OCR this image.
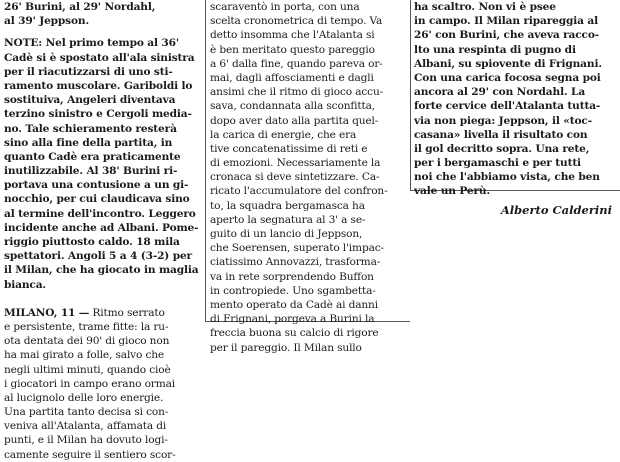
26' Burini, al 29' Nordahl,
al 39' Jeppson.
NOTE: Nel primo tempo al 36'
Cadè si è spostato all'ala sinistra
per il riacutizzarsi di uno sti-
ramento muscolare. Gariboldi lo
sostituiva, Angeleri diventava
terzino sinistro e Cergoli media-
no. Tale schieramento resterà
sino alla fine della partita, in
quanto Cadè era praticamente
inutilizzabile. Al 38' Burini ri-
portava una contusione a un gi-
nocchio, per cui claudicava sino
al termine dell'incontro. Leggero
incidente anche ad Albani. Pome-
riggio piuttosto caldo. 18 mila
spettatori. Angoli 5 a 4 (3-2) per
il Milan, che ha giocato in maglia
bianca.
MILANO, 11 — Ritmo serrato
e persistente, trame fitte: la ru-
ota dentata dei 90' di gioco non
ha mai girato a folle, salvo che
negli ultimi minuti, quando cioè
i giocatori in campo erano ormai
al lucignolo delle loro energie.
Una partita tanto decisa si con-
veniva all'Atalanta, affamata di
punti, e il Milan ha dovuto logi-
camente seguire il sentiero scor-
scaraventò in porta, con una
scelta cronometrica di tempo. Va
detto insomma che l'Atalanta si
è ben meritato questo pareggio
a 6' dalla fine, quando pareva or-
mai, dagli affosciamenti e dagli
ansimi che il ritmo di gioco accu-
sava, condannata alla sconfitta,
dopo aver dato alla partita quel-
la carica di energie, che era
tive concatenatissime di reti e
di emozioni. Necessariamente la
cronaca si deve sintetizzare. Ca-
ricato l'accumulatore del confron-
to, la squadra bergamasca ha
aperto la segnatura al 3' a se-
guito di un lancio di Jeppson,
che Soerensen, superato l'impac-
ciatissimo Annovazzi, trasforma-
va in rete sorprendendo Buffon
in contropiede. Uno sgambetta-
mento operato da Cadè ai danni
di Frignani, porgeva a Burini la
freccia buona su calcio di rigore
per il pareggio. Il Milan sullo
ha scaltro. Non vi è psee
in campo. Il Milan ripareggia al
26' con Burini, che aveva racco-
lto una respinta di pugno di
Albani, su spiovente di Frignani.
Con una carica focosa segna poi
ancora al 29' con Nordahl. La
forte cervice dell'Atalanta tutta-
via non piega: Jeppson, il «toc-
casana» livella il risultato con
il gol decritto sopra. Una rete,
per i bergamaschi e per tutti
noi che l'abbiamo vista, che ben
vale un Perù.
Alberto Calderini
